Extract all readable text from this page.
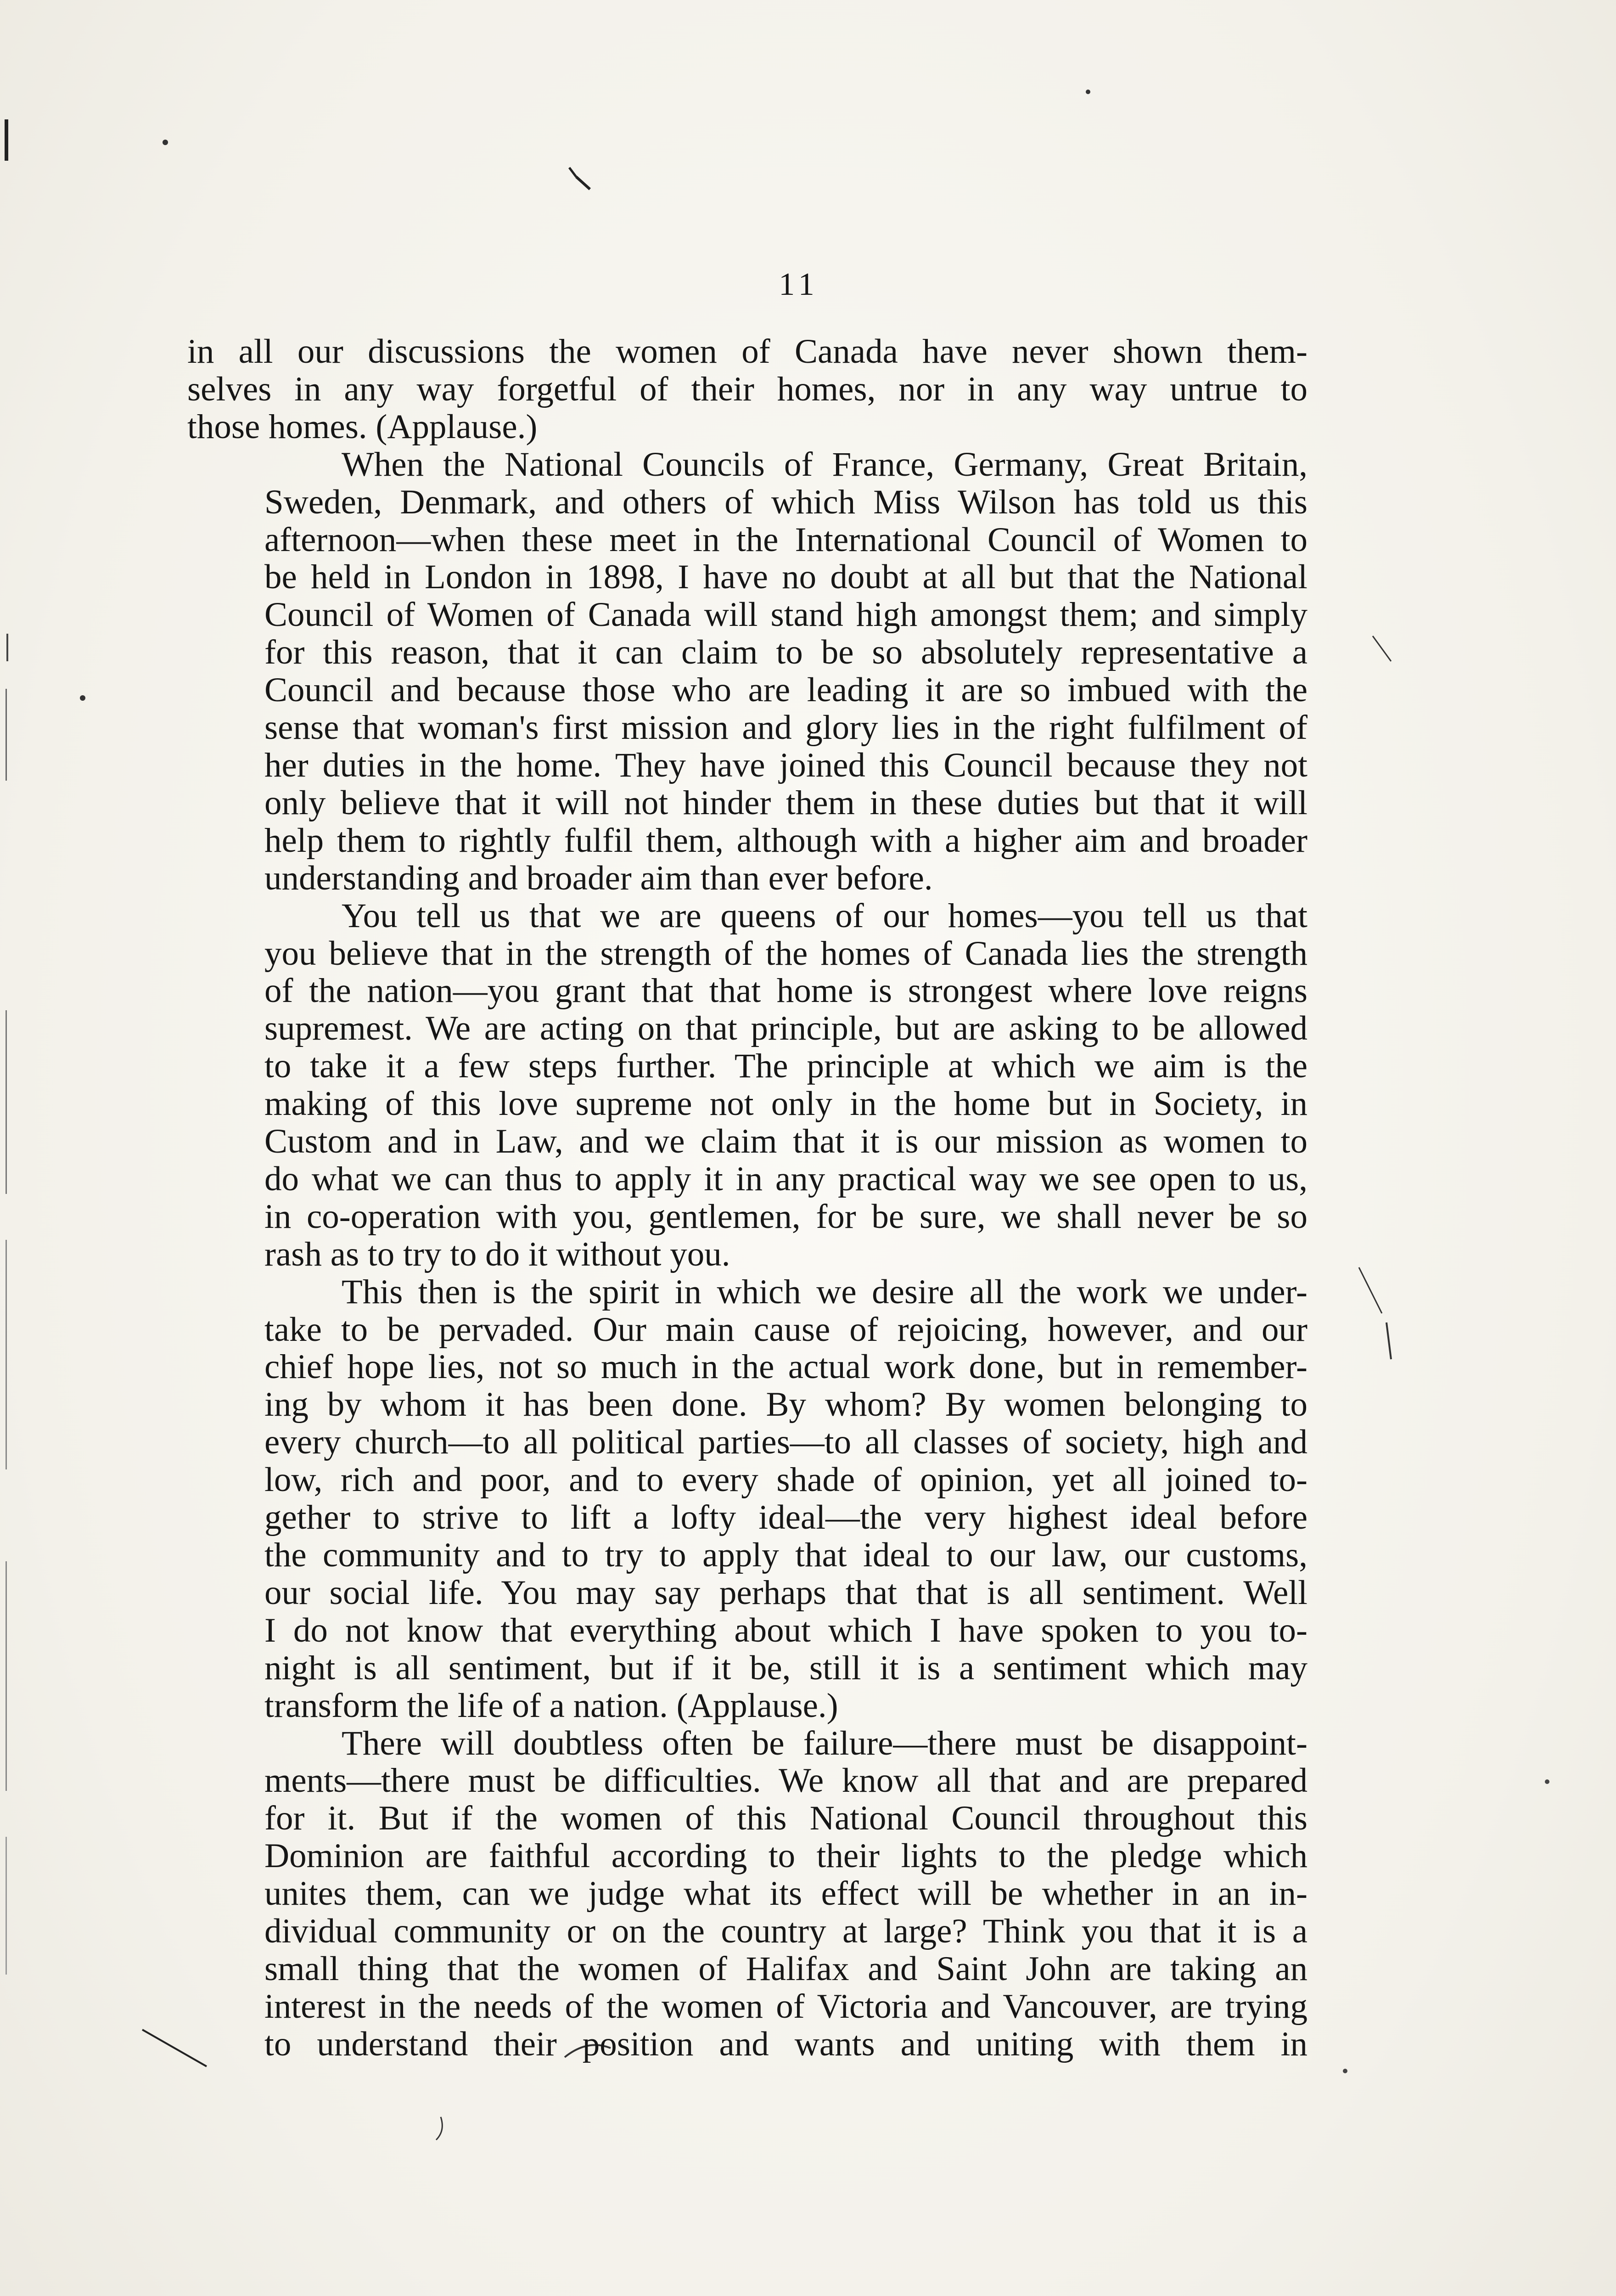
11

in all our discussions the women of Canada have never shown them-
selves in any way forgetful of their homes, nor in any way untrue to
those homes. (Applause.)

When the National Councils of France, Germany, Great Britain,
Sweden, Denmark, and others of which Miss Wilson has told us this
afternoon—when these meet in the International Council of Women to
be held in London in 1898, I have no doubt at all but that the National
Council of Women of Canada will stand high amongst them; and simply
for this reason, that it can claim to be so absolutely representative a
Council and because those who are leading it are so imbued with the
sense that woman's first mission and glory lies in the right fulfilment of
her duties in the home. They have joined this Council because they not
only believe that it will not hinder them in these duties but that it will
help them to rightly fulfil them, although with a higher aim and broader
understanding and broader aim than ever before.

You tell us that we are queens of our homes—you tell us that
you believe that in the strength of the homes of Canada lies the strength
of the nation—you grant that that home is strongest where love reigns
supremest. We are acting on that principle, but are asking to be allowed
to take it a few steps further. The principle at which we aim is the
making of this love supreme not only in the home but in Society, in
Custom and in Law, and we claim that it is our mission as women to
do what we can thus to apply it in any practical way we see open to us,
in co-operation with you, gentlemen, for be sure, we shall never be so
rash as to try to do it without you.

This then is the spirit in which we desire all the work we under-
take to be pervaded. Our main cause of rejoicing, however, and our
chief hope lies, not so much in the actual work done, but in remember-
ing by whom it has been done. By whom? By women belonging to
every church—to all political parties—to all classes of society, high and
low, rich and poor, and to every shade of opinion, yet all joined to-
gether to strive to lift a lofty ideal—the very highest ideal before
the community and to try to apply that ideal to our law, our customs,
our social life. You may say perhaps that that is all sentiment. Well
I do not know that everything about which I have spoken to you to-
night is all sentiment, but if it be, still it is a sentiment which may
transform the life of a nation. (Applause.)

There will doubtless often be failure—there must be disappoint-
ments—there must be difficulties. We know all that and are prepared
for it. But if the women of this National Council throughout this
Dominion are faithful according to their lights to the pledge which
unites them, can we judge what its effect will be whether in an in-
dividual community or on the country at large? Think you that it is a
small thing that the women of Halifax and Saint John are taking an
interest in the needs of the women of Victoria and Vancouver, are trying
to understand their position and wants and uniting with them in
